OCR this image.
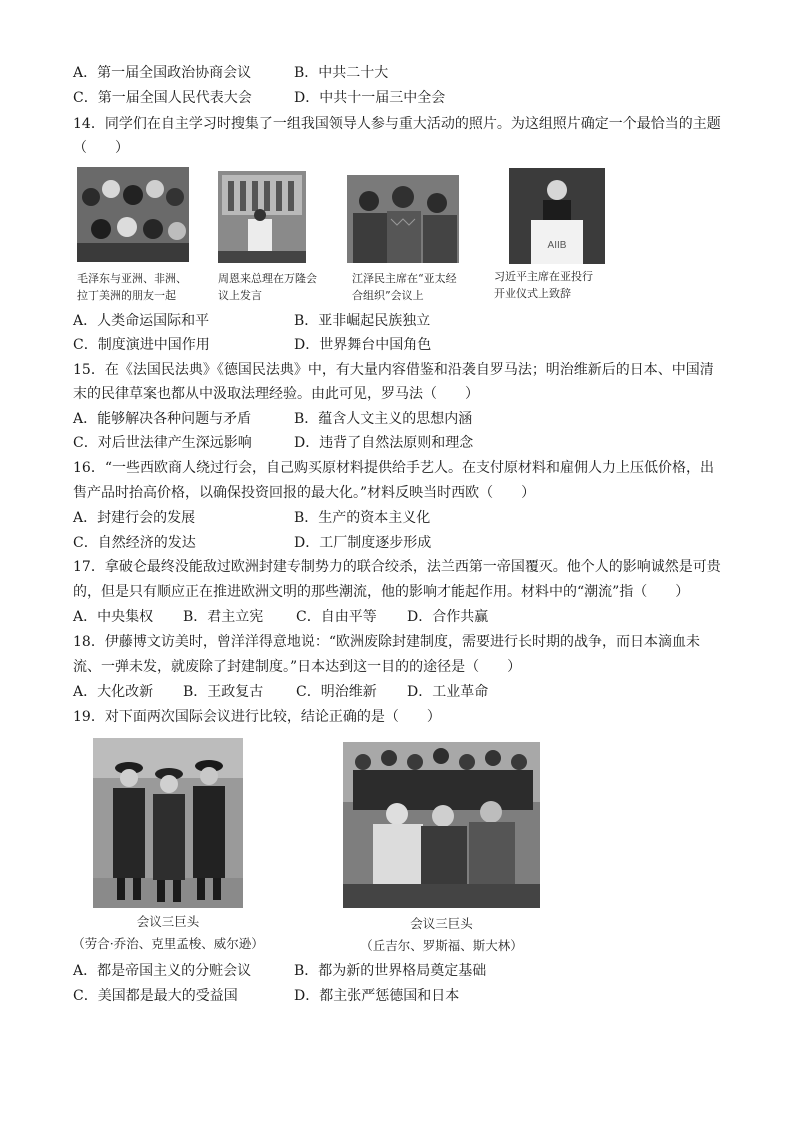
A．第一届全国政治协商会议	B．中共二十大
C．第一届全国人民代表大会	D．中共十一届三中全会
14．同学们在自主学习时搜集了一组我国领导人参与重大活动的照片。为这组照片确定一个最恰当的主题
（　　）
AIIB
毛泽东与亚洲、非洲、
拉丁美洲的朋友一起
周恩来总理在万隆会
议上发言
江泽民主席在“亚太经
合组织”会议上
习近平主席在亚投行
开业仪式上致辞
A．人类命运国际和平	B．亚非崛起民族独立
C．制度演进中国作用	D．世界舞台中国角色
15．在《法国民法典》《德国民法典》中，有大量内容借鉴和沿袭自罗马法；明治维新后的日本、中国清
末的民律草案也都从中汲取法理经验。由此可见，罗马法（　　）
A．能够解决各种问题与矛盾	B．蕴含人文主义的思想内涵
C．对后世法律产生深远影响	D．违背了自然法原则和理念
16．“一些西欧商人绕过行会，自己购买原材料提供给手艺人。在支付原材料和雇佣人力上压低价格，出
售产品时抬高价格，以确保投资回报的最大化。”材料反映当时西欧（　　）
A．封建行会的发展	B．生产的资本主义化
C．自然经济的发达	D．工厂制度逐步形成
17．拿破仑最终没能敌过欧洲封建专制势力的联合绞杀，法兰西第一帝国覆灭。他个人的影响诚然是可贵
的，但是只有顺应正在推进欧洲文明的那些潮流，他的影响才能起作用。材料中的“潮流”指（　　）
A．中央集权 B．君主立宪 C．自由平等 D．合作共赢
18．伊藤博文访美时，曾洋洋得意地说：“欧洲废除封建制度，需要进行长时期的战争，而日本滴血未
流、一弹未发，就废除了封建制度。”日本达到这一目的的途径是（　　）
A．大化改新 B．王政复古 C．明治维新 D．工业革命
19．对下面两次国际会议进行比较，结论正确的是（　　）
会议三巨头
（劳合·乔治、克里孟梭、威尔逊）
会议三巨头
（丘吉尔、罗斯福、斯大林）
A．都是帝国主义的分赃会议	B．都为新的世界格局奠定基础
C．美国都是最大的受益国	D．都主张严惩德国和日本
